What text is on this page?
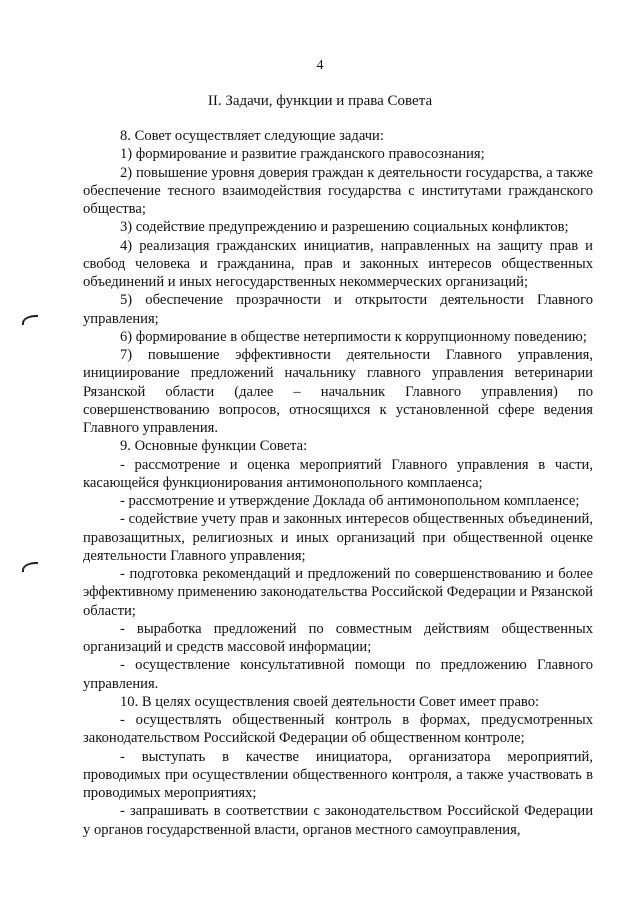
4
II. Задачи, функции и права Совета

8. Совет осуществляет следующие задачи:

1) формирование и развитие гражданского правосознания;

2) повышение уровня доверия граждан к деятельности государства, а также обеспечение тесного взаимодействия государства с институтами гражданского общества;

3) содействие предупреждению и разрешению социальных конфликтов;

4) реализация гражданских инициатив, направленных на защиту прав и свобод человека и гражданина, прав и законных интересов общественных объединений и иных негосударственных некоммерческих организаций;

5) обеспечение прозрачности и открытости деятельности Главного управления;

6) формирование в обществе нетерпимости к коррупционному поведению;

7) повышение эффективности деятельности Главного управления, инициирование предложений начальнику главного управления ветеринарии Рязанской области (далее – начальник Главного управления) по совершенствованию вопросов, относящихся к установленной сфере ведения Главного управления.

9. Основные функции Совета:

- рассмотрение и оценка мероприятий Главного управления в части, касающейся функционирования антимонопольного комплаенса;

- рассмотрение и утверждение Доклада об антимонопольном комплаенсе;

- содействие учету прав и законных интересов общественных объединений, правозащитных, религиозных и иных организаций при общественной оценке деятельности Главного управления;

- подготовка рекомендаций и предложений по совершенствованию и более эффективному применению законодательства Российской Федерации и Рязанской области;

- выработка предложений по совместным действиям общественных организаций и средств массовой информации;

- осуществление консультативной помощи по предложению Главного управления.

10. В целях осуществления своей деятельности Совет имеет право:

- осуществлять общественный контроль в формах, предусмотренных законодательством Российской Федерации об общественном контроле;

- выступать в качестве инициатора, организатора мероприятий, проводимых при осуществлении общественного контроля, а также участвовать в проводимых мероприятиях;

- запрашивать в соответствии с законодательством Российской Федерации у органов государственной власти, органов местного самоуправления,
